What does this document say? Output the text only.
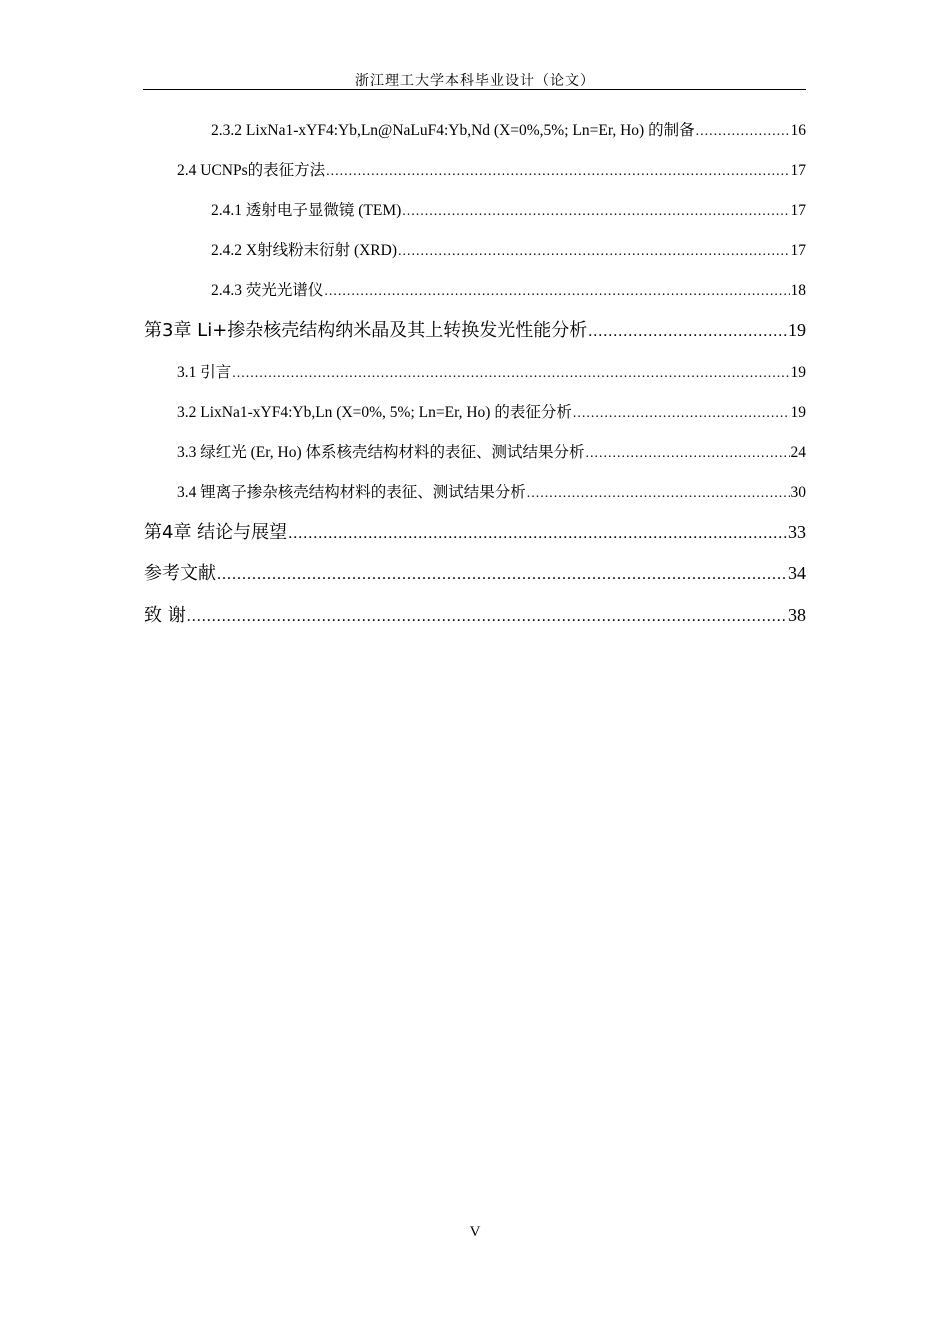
浙江理工大学本科毕业设计（论文）
2.3.2 LixNa1-xYF4:Yb,Ln@NaLuF4:Yb,Nd (X=0%,5%; Ln=Er, Ho) 的制备 .....	16
2.4 UCNPs的表征方法 .....	17
2.4.1 透射电子显微镜 (TEM) .....	17
2.4.2 X射线粉末衍射 (XRD) .....	17
2.4.3 荧光光谱仪 .....	18
第3章 Li+掺杂核壳结构纳米晶及其上转换发光性能分析 .....	19
3.1 引言 .....	19
3.2 LixNa1-xYF4:Yb,Ln (X=0%, 5%; Ln=Er, Ho) 的表征分析 .....	19
3.3 绿红光 (Er, Ho) 体系核壳结构材料的表征、测试结果分析 .....	24
3.4 锂离子掺杂核壳结构材料的表征、测试结果分析 .....	30
第4章 结论与展望 .....	33
参考文献 .....	34
致 谢 .....	38
V
